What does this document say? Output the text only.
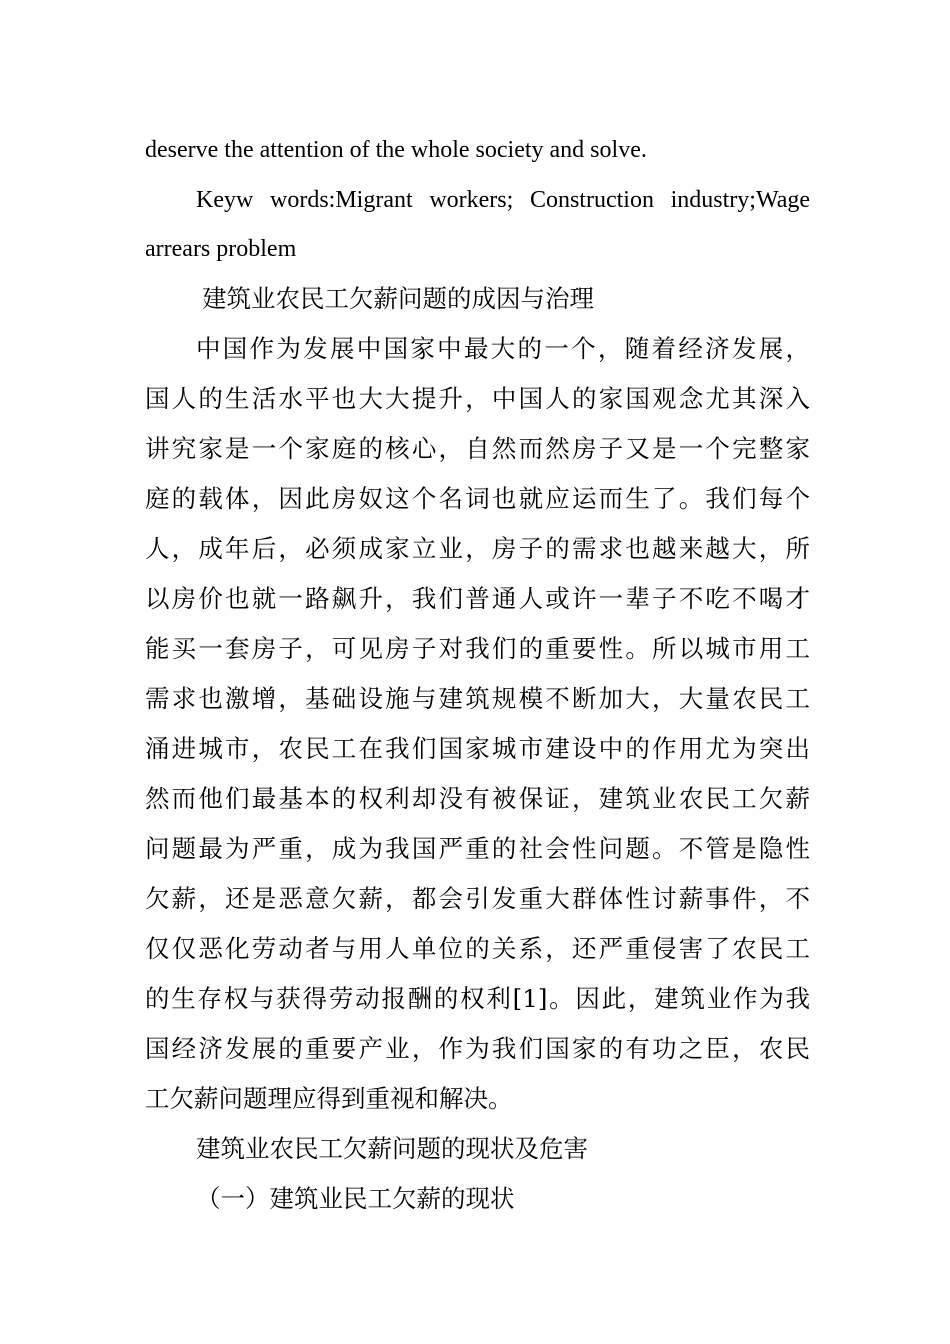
deserve the attention of the whole society and solve.
Keyw words:Migrant workers; Construction industry;Wage
arrears problem
建筑业农民工欠薪问题的成因与治理
中国作为发展中国家中最大的一个，随着经济发展，
国人的生活水平也大大提升，中国人的家国观念尤其深入
讲究家是一个家庭的核心，自然而然房子又是一个完整家
庭的载体，因此房奴这个名词也就应运而生了。我们每个
人，成年后，必须成家立业，房子的需求也越来越大，所
以房价也就一路飙升，我们普通人或许一辈子不吃不喝才
能买一套房子，可见房子对我们的重要性。所以城市用工
需求也激增，基础设施与建筑规模不断加大，大量农民工
涌进城市，农民工在我们国家城市建设中的作用尤为突出
然而他们最基本的权利却没有被保证，建筑业农民工欠薪
问题最为严重，成为我国严重的社会性问题。不管是隐性
欠薪，还是恶意欠薪，都会引发重大群体性讨薪事件，不
仅仅恶化劳动者与用人单位的关系，还严重侵害了农民工
的生存权与获得劳动报酬的权利[1]。因此，建筑业作为我
国经济发展的重要产业，作为我们国家的有功之臣，农民
工欠薪问题理应得到重视和解决。
建筑业农民工欠薪问题的现状及危害
（一）建筑业民工欠薪的现状
